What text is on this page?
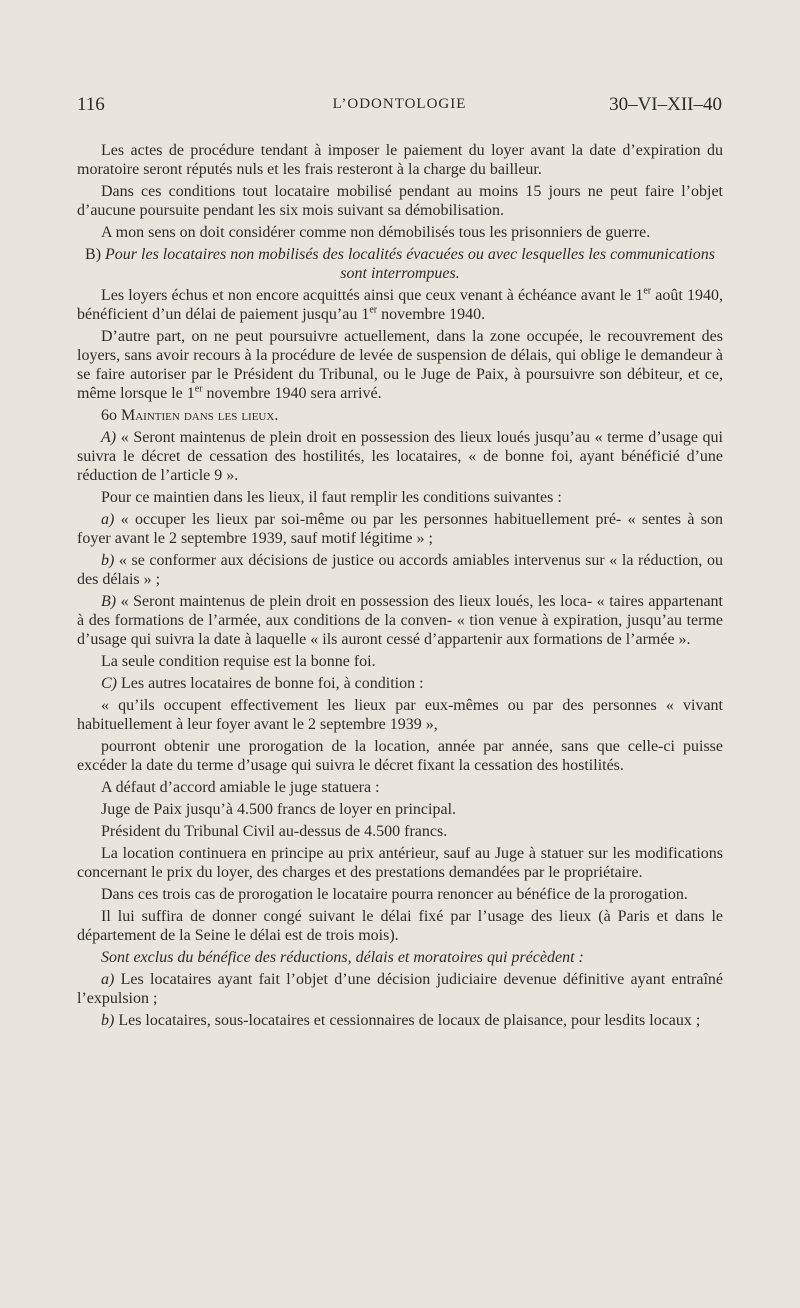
116	L’ODONTOLOGIE	30–VI–XII–40

Les actes de procédure tendant à imposer le paiement du loyer avant la date d’expiration du moratoire seront réputés nuls et les frais resteront à la charge du bailleur.

Dans ces conditions tout locataire mobilisé pendant au moins 15 jours ne peut faire l’objet d’aucune poursuite pendant les six mois suivant sa démobilisation.

A mon sens on doit considérer comme non démobilisés tous les prisonniers de guerre.

B) Pour les locataires non mobilisés des localités évacuées ou avec lesquelles les communications sont interrompues.

Les loyers échus et non encore acquittés ainsi que ceux venant à échéance avant le 1er août 1940, bénéficient d’un délai de paiement jusqu’au 1er novembre 1940.

D’autre part, on ne peut poursuivre actuellement, dans la zone occupée, le recouvrement des loyers, sans avoir recours à la procédure de levée de suspension de délais, qui oblige le demandeur à se faire autoriser par le Président du Tribunal, ou le Juge de Paix, à poursuivre son débiteur, et ce, même lorsque le 1er novembre 1940 sera arrivé.

6o Maintien dans les lieux.

A) « Seront maintenus de plein droit en possession des lieux loués jusqu’au « terme d’usage qui suivra le décret de cessation des hostilités, les locataires, « de bonne foi, ayant bénéficié d’une réduction de l’article 9 ».

Pour ce maintien dans les lieux, il faut remplir les conditions suivantes :

a) « occuper les lieux par soi-même ou par les personnes habituellement pré- « sentes à son foyer avant le 2 septembre 1939, sauf motif légitime » ;

b) « se conformer aux décisions de justice ou accords amiables intervenus sur « la réduction, ou des délais » ;

B) « Seront maintenus de plein droit en possession des lieux loués, les loca- « taires appartenant à des formations de l’armée, aux conditions de la conven- « tion venue à expiration, jusqu’au terme d’usage qui suivra la date à laquelle « ils auront cessé d’appartenir aux formations de l’armée ».

La seule condition requise est la bonne foi.

C) Les autres locataires de bonne foi, à condition :

« qu’ils occupent effectivement les lieux par eux-mêmes ou par des personnes « vivant habituellement à leur foyer avant le 2 septembre 1939 »,

pourront obtenir une prorogation de la location, année par année, sans que celle-ci puisse excéder la date du terme d’usage qui suivra le décret fixant la cessation des hostilités.

A défaut d’accord amiable le juge statuera :

Juge de Paix jusqu’à 4.500 francs de loyer en principal.

Président du Tribunal Civil au-dessus de 4.500 francs.

La location continuera en principe au prix antérieur, sauf au Juge à statuer sur les modifications concernant le prix du loyer, des charges et des prestations demandées par le propriétaire.

Dans ces trois cas de prorogation le locataire pourra renoncer au bénéfice de la prorogation.

Il lui suffira de donner congé suivant le délai fixé par l’usage des lieux (à Paris et dans le département de la Seine le délai est de trois mois).

Sont exclus du bénéfice des réductions, délais et moratoires qui précèdent :

a) Les locataires ayant fait l’objet d’une décision judiciaire devenue définitive ayant entraîné l’expulsion ;

b) Les locataires, sous-locataires et cessionnaires de locaux de plaisance, pour lesdits locaux ;
